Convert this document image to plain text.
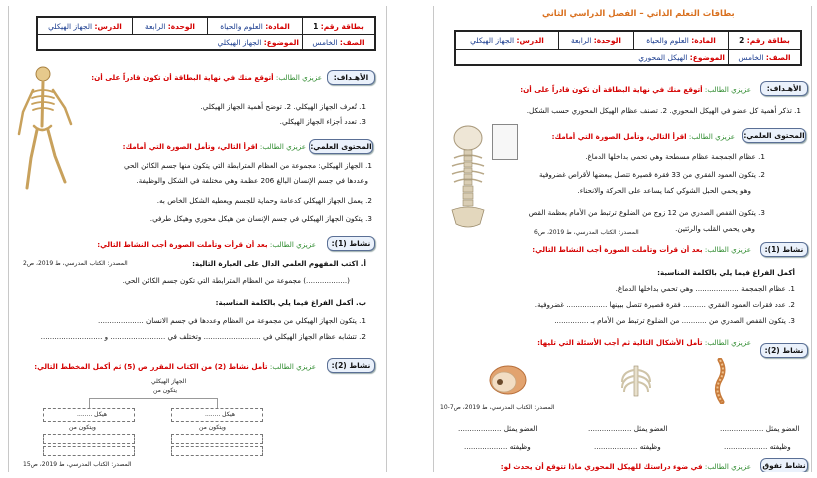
بطاقة رقم:

1
المادة:

العلوم والحياة
الوحدة:

الرابعة
الدرس:

الجهاز الهيكلي
الصف:

الخامس
الموضوع:

الجهاز الهيكلي
الأهـداف:
عزيزي الطالب: أتوقع منك في نهاية البطاقة أن تكون قادراً على أن:
1. تُعرف الجهاز الهيكلي. 2. توضح أهمية الجهاز الهيكلي.
3. تعدد أجزاء الجهاز الهيكلي.
المحتوى العلمي:
عزيزي الطالب: اقرأ التالي، وتأمل الصورة التي أمامك:
1. الجهاز الهيكلي: مجموعة من العظام المترابطة التي يتكون منها جسم الكائن الحي
وعددها في جسم الإنسان البالغ 206 عظمة وهي مختلفة في الشكل والوظيفة.
2. يعمل الجهاز الهيكلي كدعامة وحماية للجسم ويعطيه الشكل الخاص به.
3. يتكون الجهاز الهيكلي في جسم الإنسان من هيكل محوري وهيكل طرفي.
نشاط (1):
عزيزي الطالب: بعد أن قرأت وتأملت الصورة أجب النشاط التالي:
أ. اكتب المفهوم العلمي الدال على العبارة التالية:
المصدر: الكتاب المدرسي، ط 2019، ص2
(..................) مجموعة من العظام المترابطة التي تكون جسم الكائن الحي.
ب. أكمل الفراغ فيما يلي بالكلمة المناسبة:
1. يتكون الجهاز الهيكلي من مجموعة من العظام وعددها في جسم الانسان ....................
2. تتشابه عظام الجهاز الهيكلي في ......................... وتختلف في ........................ و ...........................
نشاط (2):
عزيزي الطالب: تأمل نشاط (2) من الكتاب المقرر ص (5) ثم أكمل المخطط التالي:
الجهاز الهيكلي
يتكون من
هيكل ........	هيكل ........
ويتكون من	ويتكون من
المصدر: الكتاب المدرسي، ط 2019، ص15
بطاقات التعلم الذاتي – الفصل الدراسي الثاني
بطاقة رقم:

2
المادة:

العلوم والحياة
الوحدة:

الرابعة
الدرس:

الجهاز الهيكلي
الصف:

الخامس
الموضوع:

الهيكل المحوري
الأهـداف:
عزيزي الطالب: أتوقع منك في نهاية البطاقة أن تكون قادراً على أن:
1. تذكر أهمية كل عضو في الهيكل المحوري. 2. تصنف عظام الهيكل المحوري حسب الشكل.
المحتوى العلمي:
عزيزي الطالب: اقرأ التالي، وتأمل الصورة التي أمامك:
1. عظام الجمجمة عظام مسطحة وهي تحمي بداخلها الدماغ.
2. يتكون العمود الفقري من 33 فقرة قصيرة تتصل ببعضها لأقراص غضروفية
وهو يحمي الحبل الشوكي كما يساعد على الحركة والانحناء.
3. يتكون القفص الصدري من 12 زوج من الضلوع ترتبط من الأمام بعظمة القص
وهي يحمي القلب والرئتين.
المصدر: الكتاب المدرسي، ط 2019، ص6
نشاط (1):
عزيزي الطالب: بعد أن قرأت وتأملت الصورة أجب النشاط التالي:
أكمل الفراغ فيما يلي بالكلمة المناسبة:
1. عظام الجمجمة ................... وهي تحمي بداخلها الدماغ.
2. عدد فقرات العمود الفقري .......... فقرة قصيرة تتصل ببينها .................. غضروفية.
3. يتكون القفص الصدري من ........... من الضلوع ترتبط من الأمام بـ ...............
نشاط (2):
عزيزي الطالب: تأمل الأشكال التالية ثم أجب الأسئلة التي تليها:
المصدر: الكتاب المدرسي، ط 2019، ص7-10
العضو يمثل ...................
العضو يمثل ...................
العضو يمثل ...................
وظيفته ...................
وظيفته ...................
وظيفته ...................
نشاط تفوق
عزيزي الطالب: في ضوء دراستك للهيكل المحوري ماذا تتوقع أن يحدث لو:
